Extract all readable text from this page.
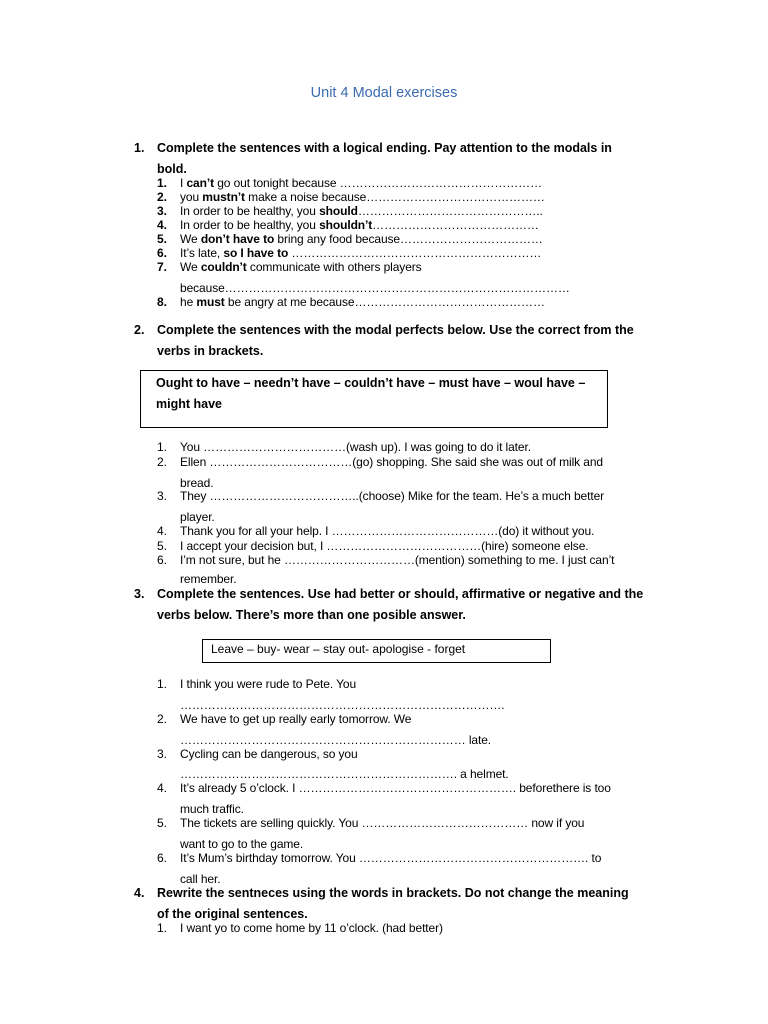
Unit 4 Modal exercises
1. Complete the sentences with a logical ending. Pay attention to the modals in
bold.
1. I can’t go out tonight because ……………………………………………
2. you mustn’t make a noise because………………………………………
3. In order to be healthy, you should………………………………………..
4. In order to be healthy, you shouldn’t……………………………………
5. We don’t have to bring any food because………………………………
6. It’s late, so I have to ………………………………………………………
7. We couldn’t communicate with others players
because……………………………………………………………………………
8. he must be angry at me because…………………………………………
2. Complete the sentences with the modal perfects below. Use the correct from the
verbs in brackets.
Ought to have – needn’t have – couldn’t have – must have – woul have –
might have
1. You ………………………………(wash up). I was going to do it later.
2. Ellen ………………………………(go) shopping. She said she was out of milk and
bread.
3. They ………………………………..(choose) Mike for the team. He’s a much better
player.
4. Thank you for all your help. I ……………………………………(do) it without you.
5. I accept your decision but, I …………………………………(hire) someone else.
6. I’m not sure, but he ……………………………(mention) something to me. I just can’t
remember.
3. Complete the sentences. Use had better or should, affirmative or negative and the
verbs below. There’s more than one posible answer.
Leave – buy- wear – stay out- apologise - forget
1. I think you were rude to Pete. You
……………………………………………………………………….
2. We have to get up really early tomorrow. We
……………………………………………………………… late.
3. Cycling can be dangerous, so you
……………………………………………………………. a helmet.
4. It’s already 5 o’clock. I ………………………………………………. beforethere is too
much traffic.
5. The tickets are selling quickly. You …………………………………… now if you
want to go to the game.
6. It’s Mum’s birthday tomorrow. You …………………………………………………. to
call her.
4. Rewrite the sentneces using the words in brackets. Do not change the meaning
of the original sentences.
1. I want yo to come home by 11 o’clock. (had better)
